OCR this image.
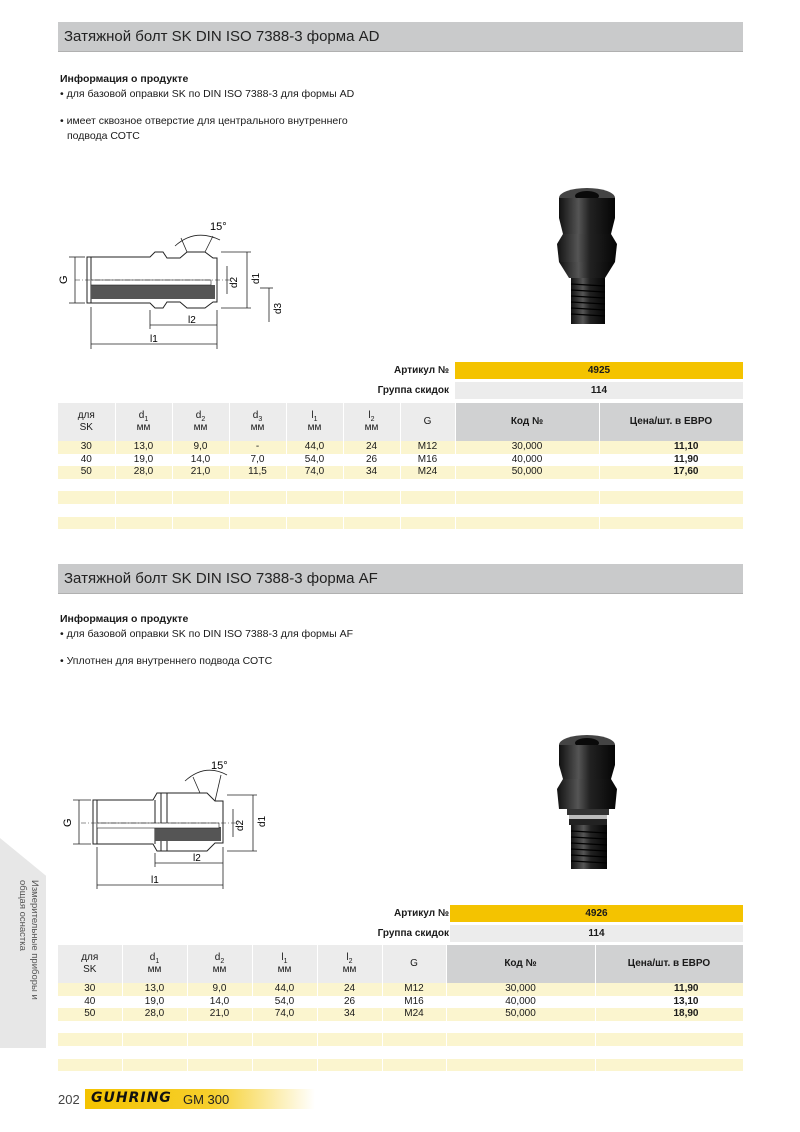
Затяжной болт SK DIN ISO 7388-3 форма AD
Информация о продукте
• для базовой оправки SK по DIN ISO 7388-3 для формы AD
• имеет сквозное отверстие для центрального внутреннего
подвода СОТС
15°
G	d2 d1
d3
l2
l1
Артикул №	4925
Группа скидок	114
для
SK	$d_1$
мм	$d_2$
мм	$d_3$
мм	$l_1$
мм	$l_2$
мм	G	Код №	Цена/шт. в ЕВРО
30	13,0	9,0	-	44,0	24	M12	30,000	11,10
40	19,0	14,0	7,0	54,0	26	M16	40,000	11,90
50	28,0	21,0	11,5	74,0	34	M24	50,000	17,60

Затяжной болт SK DIN ISO 7388-3 форма AF
Информация о продукте
• для базовой оправки SK по DIN ISO 7388-3 для формы AF
• Уплотнен для внутреннего подвода СОТС
15°
G	d2 d1
l2
l1
Артикул №	4926
Группа скидок	114
для
SK	$d_1$
мм	$d_2$
мм	$l_1$
мм	$l_2$
мм	G	Код №	Цена/шт. в ЕВРО
30	13,0	9,0	44,0	24	M12	30,000	11,90
40	19,0	14,0	54,0	26	M16	40,000	13,10
50	28,0	21,0	74,0	34	M24	50,000	18,90

Измерительные приборы и
общая оснастка
202 GUHRING GM 300
